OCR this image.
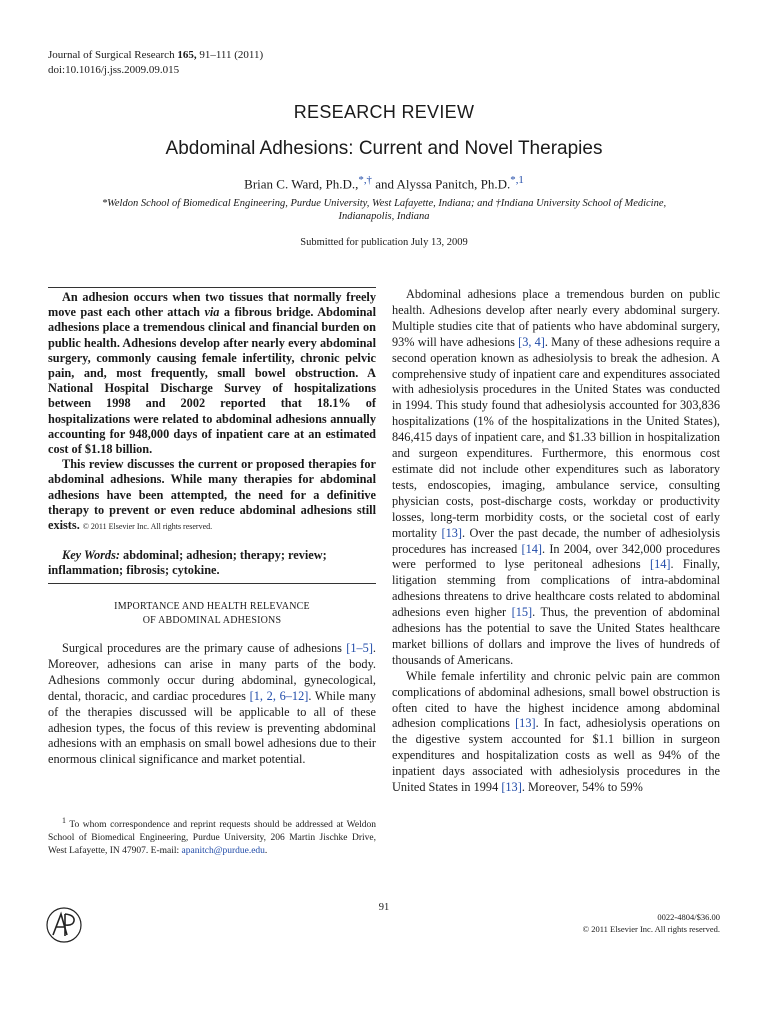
Journal of Surgical Research 165, 91–111 (2011)
doi:10.1016/j.jss.2009.09.015
RESEARCH REVIEW
Abdominal Adhesions: Current and Novel Therapies
Brian C. Ward, Ph.D.,*,† and Alyssa Panitch, Ph.D.$^{*,1}$
*Weldon School of Biomedical Engineering, Purdue University, West Lafayette, Indiana; and †Indiana University School of Medicine, Indianapolis, Indiana
Submitted for publication July 13, 2009

An adhesion occurs when two tissues that normally freely move past each other attach via a fibrous bridge. Abdominal adhesions place a tremendous clinical and financial burden on public health. Adhesions develop after nearly every abdominal surgery, commonly causing female infertility, chronic pelvic pain, and, most frequently, small bowel obstruction. A National Hospital Discharge Survey of hospitalizations between 1998 and 2002 reported that 18.1% of hospitalizations were related to abdominal adhesions annually accounting for 948,000 days of inpatient care at an estimated cost of $1.18 billion.

This review discusses the current or proposed therapies for abdominal adhesions. While many therapies for abdominal adhesions have been attempted, the need for a definitive therapy to prevent or even reduce abdominal adhesions still exists. © 2011 Elsevier Inc. All rights reserved.

Key Words: abdominal; adhesion; therapy; review; inflammation; fibrosis; cytokine.

IMPORTANCE AND HEALTH RELEVANCE
OF ABDOMINAL ADHESIONS

Surgical procedures are the primary cause of adhesions [1–5]. Moreover, adhesions can arise in many parts of the body. Adhesions commonly occur during abdominal, gynecological, dental, thoracic, and cardiac procedures [1, 2, 6–12]. While many of the therapies discussed will be applicable to all of these adhesion types, the focus of this review is preventing abdominal adhesions with an emphasis on small bowel adhesions due to their enormous clinical significance and market potential.

$^1$ To whom correspondence and reprint requests should be addressed at Weldon School of Biomedical Engineering, Purdue University, 206 Martin Jischke Drive, West Lafayette, IN 47907. E-mail: apanitch@purdue.edu.

Abdominal adhesions place a tremendous burden on public health. Adhesions develop after nearly every abdominal surgery. Multiple studies cite that of patients who have abdominal surgery, 93% will have adhesions [3, 4]. Many of these adhesions require a second operation known as adhesiolysis to break the adhesion. A comprehensive study of inpatient care and expenditures associated with adhesiolysis procedures in the United States was conducted in 1994. This study found that adhesiolysis accounted for 303,836 hospitalizations (1% of the hospitalizations in the United States), 846,415 days of inpatient care, and $1.33 billion in hospitalization and surgeon expenditures. Furthermore, this enormous cost estimate did not include other expenditures such as laboratory tests, endoscopies, imaging, ambulance service, consulting physician costs, post-discharge costs, workday or productivity losses, long-term morbidity costs, or the societal cost of early mortality [13]. Over the past decade, the number of adhesiolysis procedures has increased [14]. In 2004, over 342,000 procedures were performed to lyse peritoneal adhesions [14]. Finally, litigation stemming from complications of intra-abdominal adhesions threatens to drive healthcare costs related to abdominal adhesions even higher [15]. Thus, the prevention of abdominal adhesions has the potential to save the United States healthcare market billions of dollars and improve the lives of hundreds of thousands of Americans.

While female infertility and chronic pelvic pain are common complications of abdominal adhesions, small bowel obstruction is often cited to have the highest incidence among abdominal adhesion complications [13]. In fact, adhesiolysis operations on the digestive system accounted for $1.1 billion in surgeon expenditures and hospitalization costs as well as 94% of the inpatient days associated with adhesiolysis procedures in the United States in 1994 [13]. Moreover, 54% to 59%

91
0022-4804/$36.00
© 2011 Elsevier Inc. All rights reserved.
